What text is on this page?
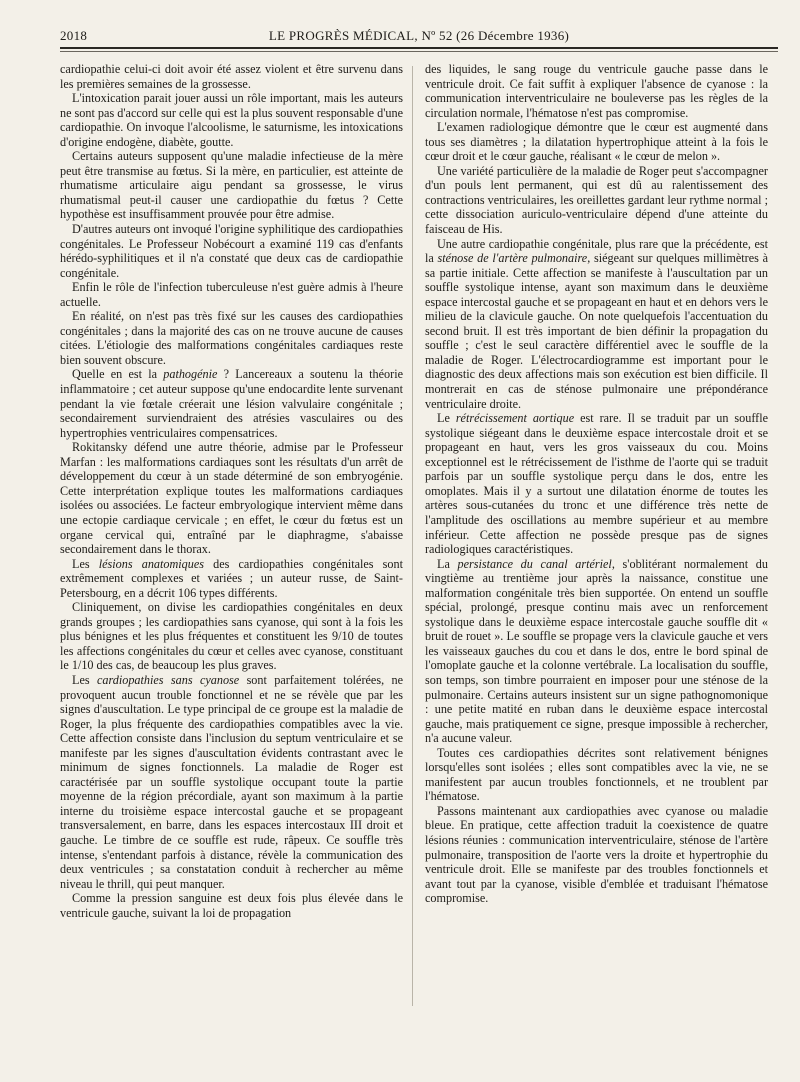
2018	LE PROGRÈS MÉDICAL, Nº 52 (26 Décembre 1936)

cardiopathie celui-ci doit avoir été assez violent et être survenu dans les premières semaines de la grossesse.

L'intoxication parait jouer aussi un rôle important, mais les auteurs ne sont pas d'accord sur celle qui est la plus souvent responsable d'une cardiopathie. On invoque l'alcoolisme, le saturnisme, les intoxications d'origine endogène, diabète, goutte.

Certains auteurs supposent qu'une maladie infectieuse de la mère peut être transmise au fœtus. Si la mère, en particulier, est atteinte de rhumatisme articulaire aigu pendant sa grossesse, le virus rhumatismal peut-il causer une cardiopathie du fœtus ? Cette hypothèse est insuffisamment prouvée pour être admise.

D'autres auteurs ont invoqué l'origine syphilitique des cardiopathies congénitales. Le Professeur Nobécourt a examiné 119 cas d'enfants hérédo-syphilitiques et il n'a constaté que deux cas de cardiopathie congénitale.

Enfin le rôle de l'infection tuberculeuse n'est guère admis à l'heure actuelle.

En réalité, on n'est pas très fixé sur les causes des cardiopathies congénitales ; dans la majorité des cas on ne trouve aucune de causes citées. L'étiologie des malformations congénitales cardiaques reste bien souvent obscure.

Quelle en est la pathogénie ? Lancereaux a soutenu la théorie inflammatoire ; cet auteur suppose qu'une endocardite lente survenant pendant la vie fœtale créerait une lésion valvulaire congénitale ; secondairement surviendraient des atrésies vasculaires ou des hypertrophies ventriculaires compensatrices.

Rokitansky défend une autre théorie, admise par le Professeur Marfan : les malformations cardiaques sont les résultats d'un arrêt de développement du cœur à un stade déterminé de son embryogénie. Cette interprétation explique toutes les malformations cardiaques isolées ou associées. Le facteur embryologique intervient même dans une ectopie cardiaque cervicale ; en effet, le cœur du fœtus est un organe cervical qui, entraîné par le diaphragme, s'abaisse secondairement dans le thorax.

Les lésions anatomiques des cardiopathies congénitales sont extrêmement complexes et variées ; un auteur russe, de Saint-Petersbourg, en a décrit 106 types différents.

Cliniquement, on divise les cardiopathies congénitales en deux grands groupes ; les cardiopathies sans cyanose, qui sont à la fois les plus bénignes et les plus fréquentes et constituent les 9/10 de toutes les affections congénitales du cœur et celles avec cyanose, constituant le 1/10 des cas, de beaucoup les plus graves.

Les cardiopathies sans cyanose sont parfaitement tolérées, ne provoquent aucun trouble fonctionnel et ne se révèle que par les signes d'auscultation. Le type principal de ce groupe est la maladie de Roger, la plus fréquente des cardiopathies compatibles avec la vie. Cette affection consiste dans l'inclusion du septum ventriculaire et se manifeste par les signes d'auscultation évidents contrastant avec le minimum de signes fonctionnels. La maladie de Roger est caractérisée par un souffle systolique occupant toute la partie moyenne de la région précordiale, ayant son maximum à la partie interne du troisième espace intercostal gauche et se propageant transversalement, en barre, dans les espaces intercostaux III droit et gauche. Le timbre de ce souffle est rude, râpeux. Ce souffle très intense, s'entendant parfois à distance, révèle la communication des deux ventricules ; sa constatation conduit à rechercher au même niveau le thrill, qui peut manquer.

Comme la pression sanguine est deux fois plus élevée dans le ventricule gauche, suivant la loi de propagation

des liquides, le sang rouge du ventricule gauche passe dans le ventricule droit. Ce fait suffit à expliquer l'absence de cyanose : la communication interventriculaire ne bouleverse pas les règles de la circulation normale, l'hématose n'est pas compromise.

L'examen radiologique démontre que le cœur est augmenté dans tous ses diamètres ; la dilatation hypertrophique atteint à la fois le cœur droit et le cœur gauche, réalisant « le cœur de melon ».

Une variété particulière de la maladie de Roger peut s'accompagner d'un pouls lent permanent, qui est dû au ralentissement des contractions ventriculaires, les oreillettes gardant leur rythme normal ; cette dissociation auriculo-ventriculaire dépend d'une atteinte du faisceau de His.

Une autre cardiopathie congénitale, plus rare que la précédente, est la sténose de l'artère pulmonaire, siégeant sur quelques millimètres à sa partie initiale. Cette affection se manifeste à l'auscultation par un souffle systolique intense, ayant son maximum dans le deuxième espace intercostal gauche et se propageant en haut et en dehors vers le milieu de la clavicule gauche. On note quelquefois l'accentuation du second bruit. Il est très important de bien définir la propagation du souffle ; c'est le seul caractère différentiel avec le souffle de la maladie de Roger. L'électrocardiogramme est important pour le diagnostic des deux affections mais son exécution est bien difficile. Il montrerait en cas de sténose pulmonaire une prépondérance ventriculaire droite.

Le rétrécissement aortique est rare. Il se traduit par un souffle systolique siégeant dans le deuxième espace intercostale droit et se propageant en haut, vers les gros vaisseaux du cou. Moins exceptionnel est le rétrécissement de l'isthme de l'aorte qui se traduit parfois par un souffle systolique perçu dans le dos, entre les omoplates. Mais il y a surtout une dilatation énorme de toutes les artères sous-cutanées du tronc et une différence très nette de l'amplitude des oscillations au membre supérieur et au membre inférieur. Cette affection ne possède presque pas de signes radiologiques caractéristiques.

La persistance du canal artériel, s'oblitérant normalement du vingtième au trentième jour après la naissance, constitue une malformation congénitale très bien supportée. On entend un souffle spécial, prolongé, presque continu mais avec un renforcement systolique dans le deuxième espace intercostale gauche souffle dit « bruit de rouet ». Le souffle se propage vers la clavicule gauche et vers les vaisseaux gauches du cou et dans le dos, entre le bord spinal de l'omoplate gauche et la colonne vertébrale. La localisation du souffle, son temps, son timbre pourraient en imposer pour une sténose de la pulmonaire. Certains auteurs insistent sur un signe pathognomonique : une petite matité en ruban dans le deuxième espace intercostal gauche, mais pratiquement ce signe, presque impossible à rechercher, n'a aucune valeur.

Toutes ces cardiopathies décrites sont relativement bénignes lorsqu'elles sont isolées ; elles sont compatibles avec la vie, ne se manifestent par aucun troubles fonctionnels, et ne troublent par l'hématose.

Passons maintenant aux cardiopathies avec cyanose ou maladie bleue. En pratique, cette affection traduit la coexistence de quatre lésions réunies : communication interventriculaire, sténose de l'artère pulmonaire, transposition de l'aorte vers la droite et hypertrophie du ventricule droit. Elle se manifeste par des troubles fonctionnels et avant tout par la cyanose, visible d'emblée et traduisant l'hématose compromise.
